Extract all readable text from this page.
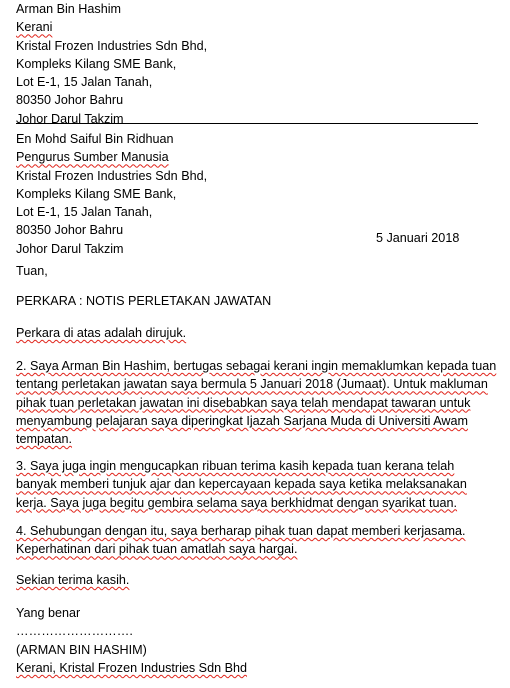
Arman Bin Hashim
Kerani
Kristal Frozen Industries Sdn Bhd,
Kompleks Kilang SME Bank,
Lot E-1, 15 Jalan Tanah,
80350 Johor Bahru
Johor Darul Takzim
En Mohd Saiful Bin Ridhuan
Pengurus Sumber Manusia
Kristal Frozen Industries Sdn Bhd,
Kompleks Kilang SME Bank,
Lot E-1, 15 Jalan Tanah,
80350 Johor Bahru
Johor Darul Takzim
5 Januari 2018
Tuan,
PERKARA : NOTIS PERLETAKAN JAWATAN
Perkara di atas adalah dirujuk.

2. Saya Arman Bin Hashim, bertugas sebagai kerani ingin memaklumkan kepada tuan

tentang perletakan jawatan saya bermula 5 Januari 2018 (Jumaat). Untuk makluman

pihak tuan perletakan jawatan ini disebabkan saya telah mendapat tawaran untuk

menyambung pelajaran saya diperingkat Ijazah Sarjana Muda di Universiti Awam

tempatan.

3. Saya juga ingin mengucapkan ribuan terima kasih kepada tuan kerana telah

banyak memberi tunjuk ajar dan kepercayaan kepada saya ketika melaksanakan

kerja. Saya juga begitu gembira selama saya berkhidmat dengan syarikat tuan.

4. Sehubungan dengan itu, saya berharap pihak tuan dapat memberi kerjasama.

Keperhatinan dari pihak tuan amatlah saya hargai.

Sekian terima kasih.

Yang benar

……………………….

(ARMAN BIN HASHIM)

Kerani, Kristal Frozen Industries Sdn Bhd
